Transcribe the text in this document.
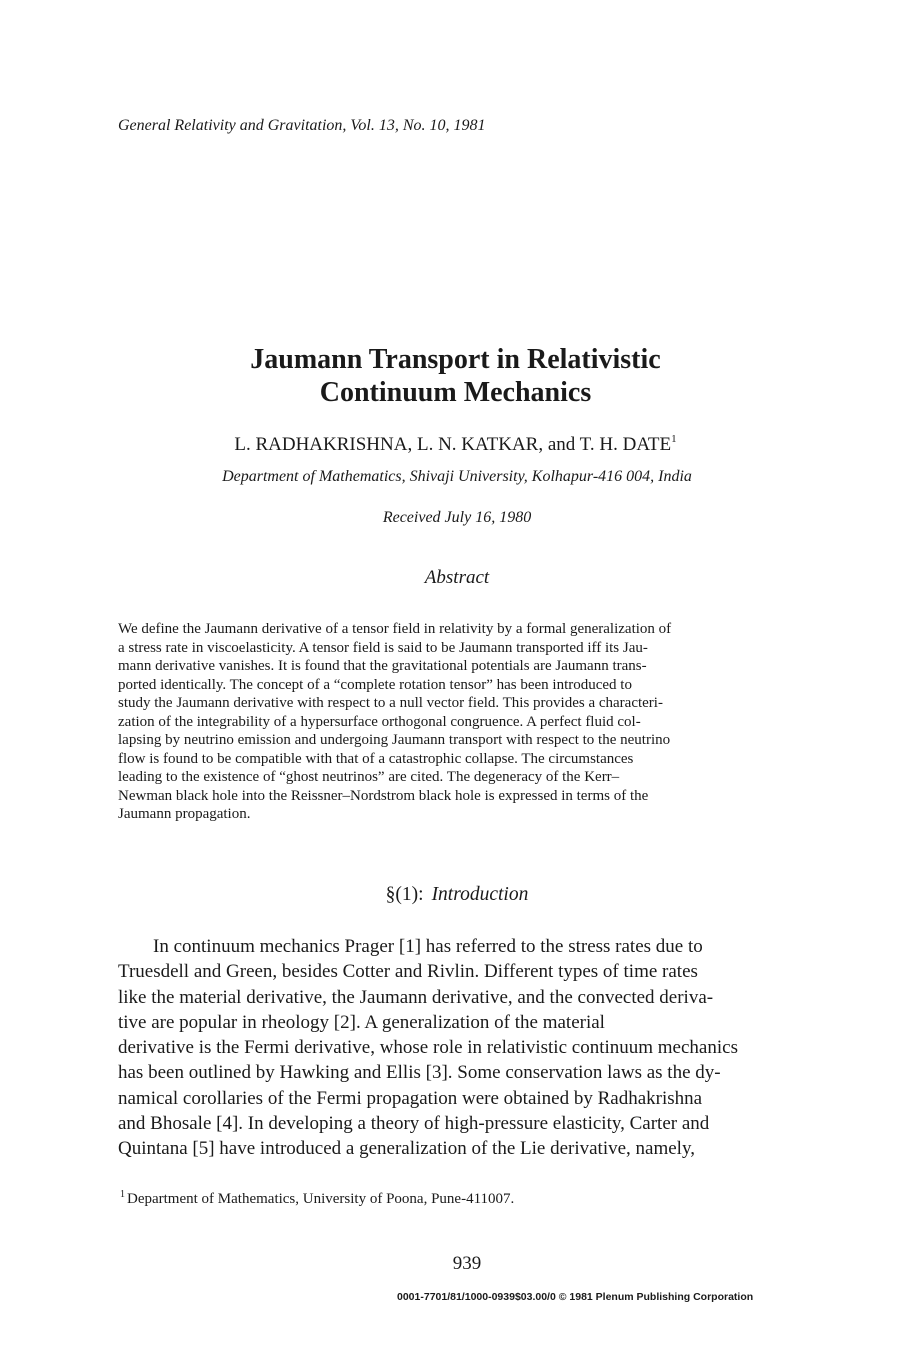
General Relativity and Gravitation, Vol. 13, No. 10, 1981
Jaumann Transport in Relativistic
Continuum Mechanics
L. RADHAKRISHNA, L. N. KATKAR, and T. H. DATE$^1$
Department of Mathematics, Shivaji University, Kolhapur-416 004, India
Received July 16, 1980
Abstract
We define the Jaumann derivative of a tensor field in relativity by a formal generalization of
a stress rate in viscoelasticity. A tensor field is said to be Jaumann transported iff its Jau-
mann derivative vanishes. It is found that the gravitational potentials are Jaumann trans-
ported identically. The concept of a “complete rotation tensor” has been introduced to
study the Jaumann derivative with respect to a null vector field. This provides a characteri-
zation of the integrability of a hypersurface orthogonal congruence. A perfect fluid col-
lapsing by neutrino emission and undergoing Jaumann transport with respect to the neutrino
flow is found to be compatible with that of a catastrophic collapse. The circumstances
leading to the existence of “ghost neutrinos” are cited. The degeneracy of the Kerr–
Newman black hole into the Reissner–Nordstrom black hole is expressed in terms of the
Jaumann propagation.
§(1): Introduction
In continuum mechanics Prager [1] has referred to the stress rates due to
Truesdell and Green, besides Cotter and Rivlin. Different types of time rates
like the material derivative, the Jaumann derivative, and the convected deriva-
tive are popular in rheology [2]. A generalization of the material
derivative is the Fermi derivative, whose role in relativistic continuum mechanics
has been outlined by Hawking and Ellis [3]. Some conservation laws as the dy-
namical corollaries of the Fermi propagation were obtained by Radhakrishna
and Bhosale [4]. In developing a theory of high-pressure elasticity, Carter and
Quintana [5] have introduced a generalization of the Lie derivative, namely,
$^1$ Department of Mathematics, University of Poona, Pune-411007.
939
0001-7701/81/1000-0939$03.00/0 © 1981 Plenum Publishing Corporation
